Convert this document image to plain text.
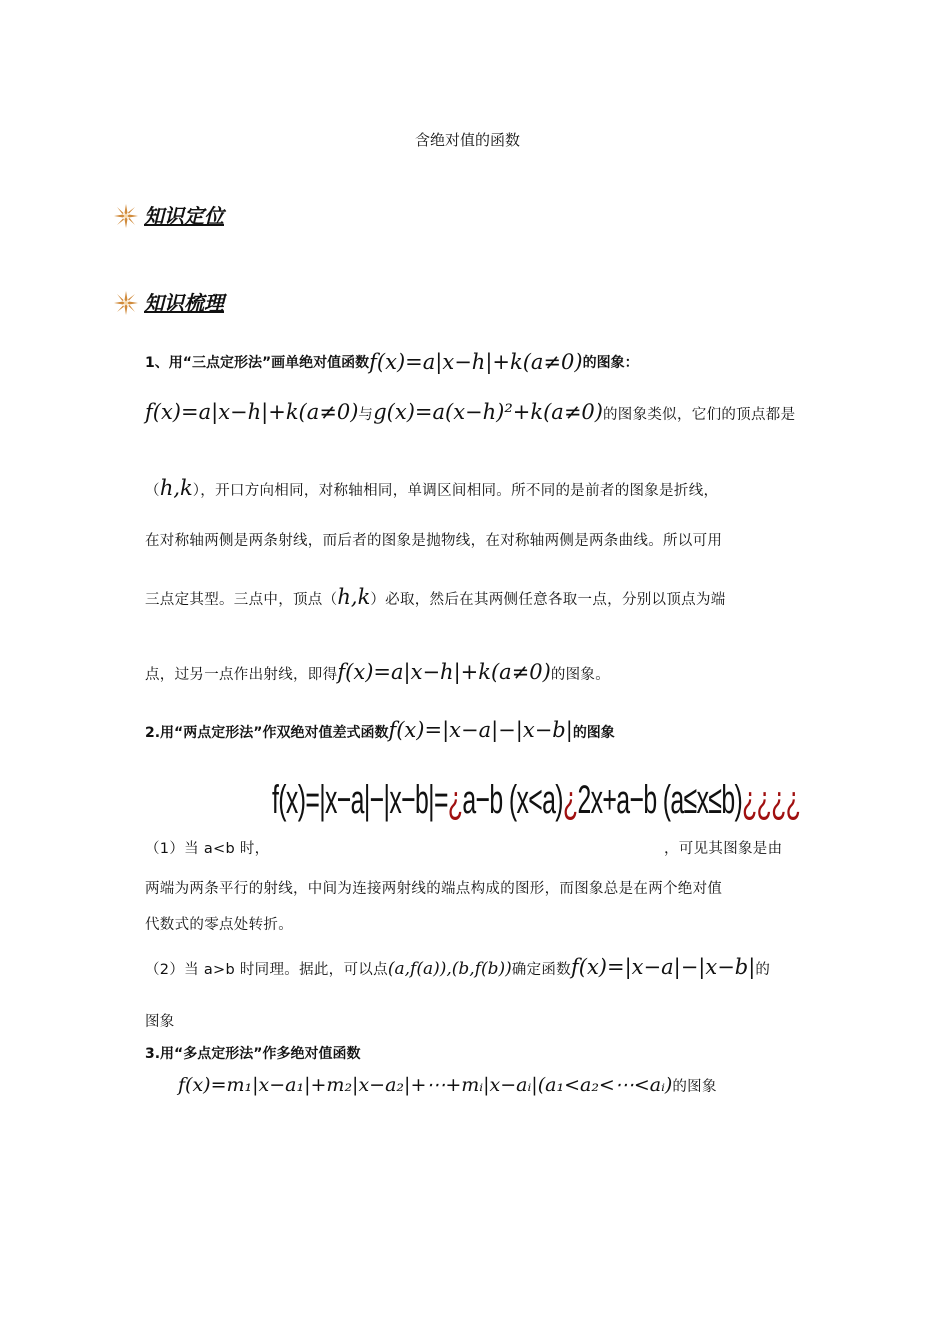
含绝对值的函数
知识定位
知识梳理
1、用“三点定形法”画单绝对值函数f(x)=a|x−h|+k(a≠0)的图象：
f(x)=a|x−h|+k(a≠0)与g(x)=a(x−h)²+k(a≠0)的图象类似，它们的顶点都是
（h,k），开口方向相同，对称轴相同，单调区间相同。所不同的是前者的图象是折线，
在对称轴两侧是两条射线，而后者的图象是抛物线，在对称轴两侧是两条曲线。所以可用
三点定其型。三点中，顶点（h,k）必取，然后在其两侧任意各取一点，分别以顶点为端
点，过另一点作出射线，即得f(x)=a|x−h|+k(a≠0)的图象。
2.用“两点定形法”作双绝对值差式函数f(x)=|x−a|−|x−b|的图象
f(x)=|x−a|−|x−b|=¿a−b (x<a)¿2x+a−b (a≤x≤b)¿¿¿¿
（1）当 a<b 时，	，可见其图象是由
两端为两条平行的射线，中间为连接两射线的端点构成的图形，而图象总是在两个绝对值
代数式的零点处转折。
（2）当 a>b 时同理。据此，可以点(a,f(a)),(b,f(b))确定函数f(x)=|x−a|−|x−b|的
图象
3.用“多点定形法”作多绝对值函数
f(x)=m₁|x−a₁|+m₂|x−a₂|+⋯+mᵢ|x−aᵢ|(a₁<a₂<⋯<aᵢ)的图象
